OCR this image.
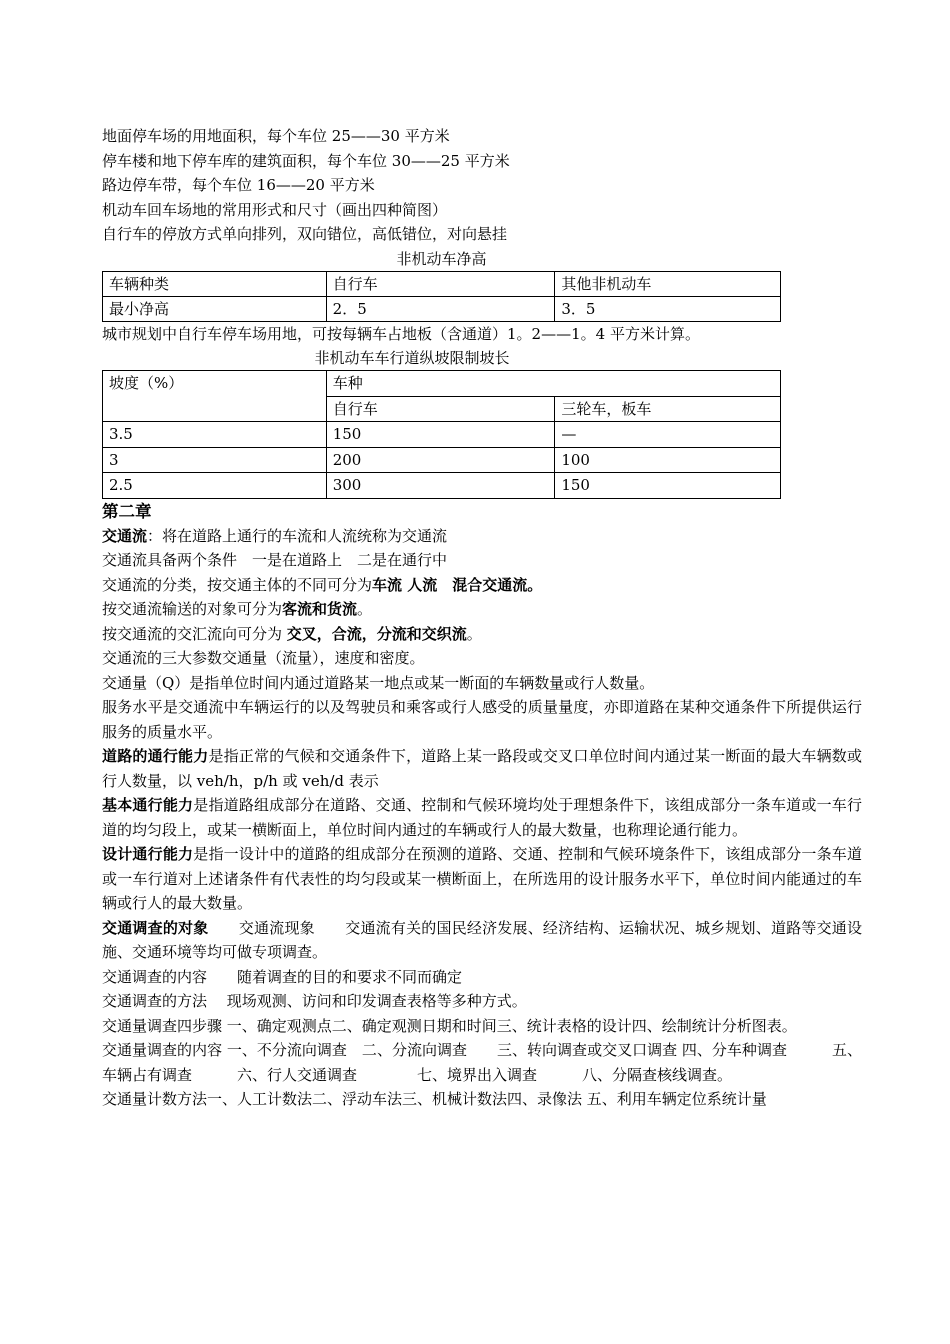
地面停车场的用地面积，每个车位 25——30 平方米
停车楼和地下停车库的建筑面积，每个车位 30——25 平方米
路边停车带，每个车位 16——20 平方米
机动车回车场地的常用形式和尺寸（画出四种简图）
自行车的停放方式单向排列，双向错位，高低错位，对向悬挂
非机动车净高
车辆种类	自行车	其他非机动车
最小净高	2．5	3．5
城市规划中自行车停车场用地，可按每辆车占地板（含通道）1。2——1。4 平方米计算。
非机动车车行道纵坡限制坡长
坡度（%）	车种	
	自行车	三轮车，板车
3.5	150	—
3	200	100
2.5	300	150
第二章
交通流：将在道路上通行的车流和人流统称为交通流
交通流具备两个条件　一是在道路上　二是在通行中
交通流的分类，按交通主体的不同可分为车流 人流　混合交通流。
按交通流输送的对象可分为客流和货流。
按交通流的交汇流向可分为 交叉，合流，分流和交织流。
交通流的三大参数交通量（流量），速度和密度。
交通量（Q）是指单位时间内通过道路某一地点或某一断面的车辆数量或行人数量。
服务水平是交通流中车辆运行的以及驾驶员和乘客或行人感受的质量量度，亦即道路在某种交通条件下所提供运行服务的质量水平。
道路的通行能力是指正常的气候和交通条件下，道路上某一路段或交叉口单位时间内通过某一断面的最大车辆数或行人数量，以 veh/h，p/h 或 veh/d 表示
基本通行能力是指道路组成部分在道路、交通、控制和气候环境均处于理想条件下，该组成部分一条车道或一车行道的均匀段上，或某一横断面上，单位时间内通过的车辆或行人的最大数量，也称理论通行能力。
设计通行能力是指一设计中的道路的组成部分在预测的道路、交通、控制和气候环境条件下，该组成部分一条车道或一车行道对上述诸条件有代表性的均匀段或某一横断面上，在所选用的设计服务水平下，单位时间内能通过的车辆或行人的最大数量。
交通调查的对象　　交通流现象　　交通流有关的国民经济发展、经济结构、运输状况、城乡规划、道路等交通设施、交通环境等均可做专项调查。
交通调查的内容　　随着调查的目的和要求不同而确定
交通调查的方法　 现场观测、访问和印发调查表格等多种方式。
交通量调查四步骤 一、确定观测点二、确定观测日期和时间三、统计表格的设计四、绘制统计分析图表。
交通量调查的内容 一、不分流向调查　二、分流向调查　　三、转向调查或交叉口调查 四、分车种调查　　　五、车辆占有调查　　　六、行人交通调查　　　　七、境界出入调查　　　八、分隔查核线调查。
交通量计数方法一、人工计数法二、浮动车法三、机械计数法四、录像法 五、利用车辆定位系统计量
